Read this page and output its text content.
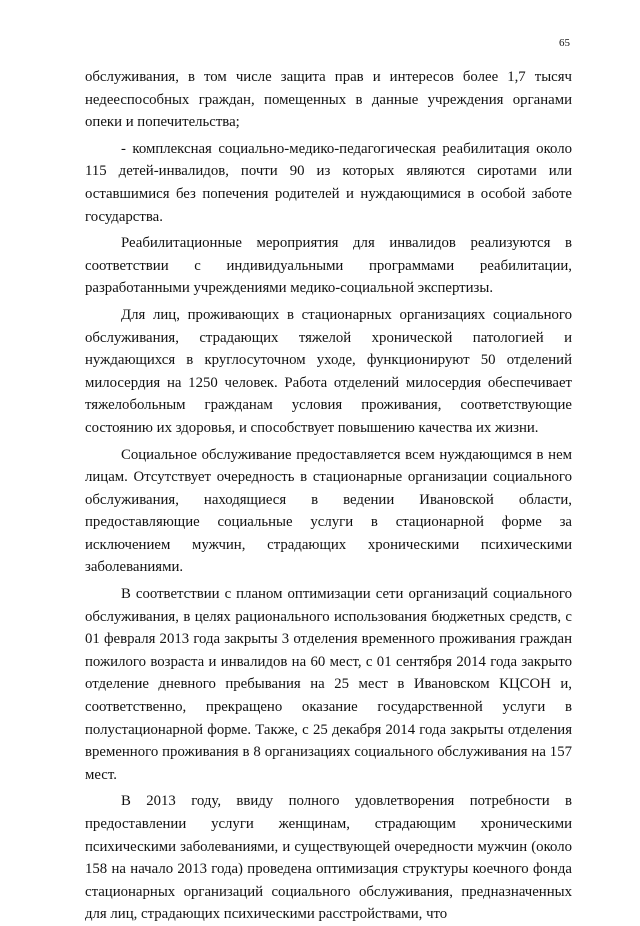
65

обслуживания, в том числе защита прав и интересов более 1,7 тысяч недееспособных граждан, помещенных в данные учреждения органами опеки и попечительства;

- комплексная социально-медико-педагогическая реабилитация около 115 детей-инвалидов, почти 90 из которых являются сиротами или оставшимися без попечения родителей и нуждающимися в особой заботе государства.

Реабилитационные мероприятия для инвалидов реализуются в соответствии с индивидуальными программами реабилитации, разработанными учреждениями медико-социальной экспертизы.

Для лиц, проживающих в стационарных организациях социального обслуживания, страдающих тяжелой хронической патологией и нуждающихся в круглосуточном уходе, функционируют 50 отделений милосердия на 1250 человек. Работа отделений милосердия обеспечивает тяжелобольным гражданам условия проживания, соответствующие состоянию их здоровья, и способствует повышению качества их жизни.

Социальное обслуживание предоставляется всем нуждающимся в нем лицам. Отсутствует очередность в стационарные организации социального обслуживания, находящиеся в ведении Ивановской области, предоставляющие социальные услуги в стационарной форме за исключением мужчин, страдающих хроническими психическими заболеваниями.

В соответствии с планом оптимизации сети организаций социального обслуживания, в целях рационального использования бюджетных средств, с 01 февраля 2013 года закрыты 3 отделения временного проживания граждан пожилого возраста и инвалидов на 60 мест, с 01 сентября 2014 года закрыто отделение дневного пребывания на 25 мест в Ивановском КЦСОН и, соответственно, прекращено оказание государственной услуги в полустационарной форме. Также, с 25 декабря 2014 года закрыты отделения временного проживания в 8 организациях социального обслуживания на 157 мест.

В 2013 году, ввиду полного удовлетворения потребности в предоставлении услуги женщинам, страдающим хроническими психическими заболеваниями, и существующей очередности мужчин (около 158 на начало 2013 года) проведена оптимизация структуры коечного фонда стационарных организаций социального обслуживания, предназначенных для лиц, страдающих психическими расстройствами, что
